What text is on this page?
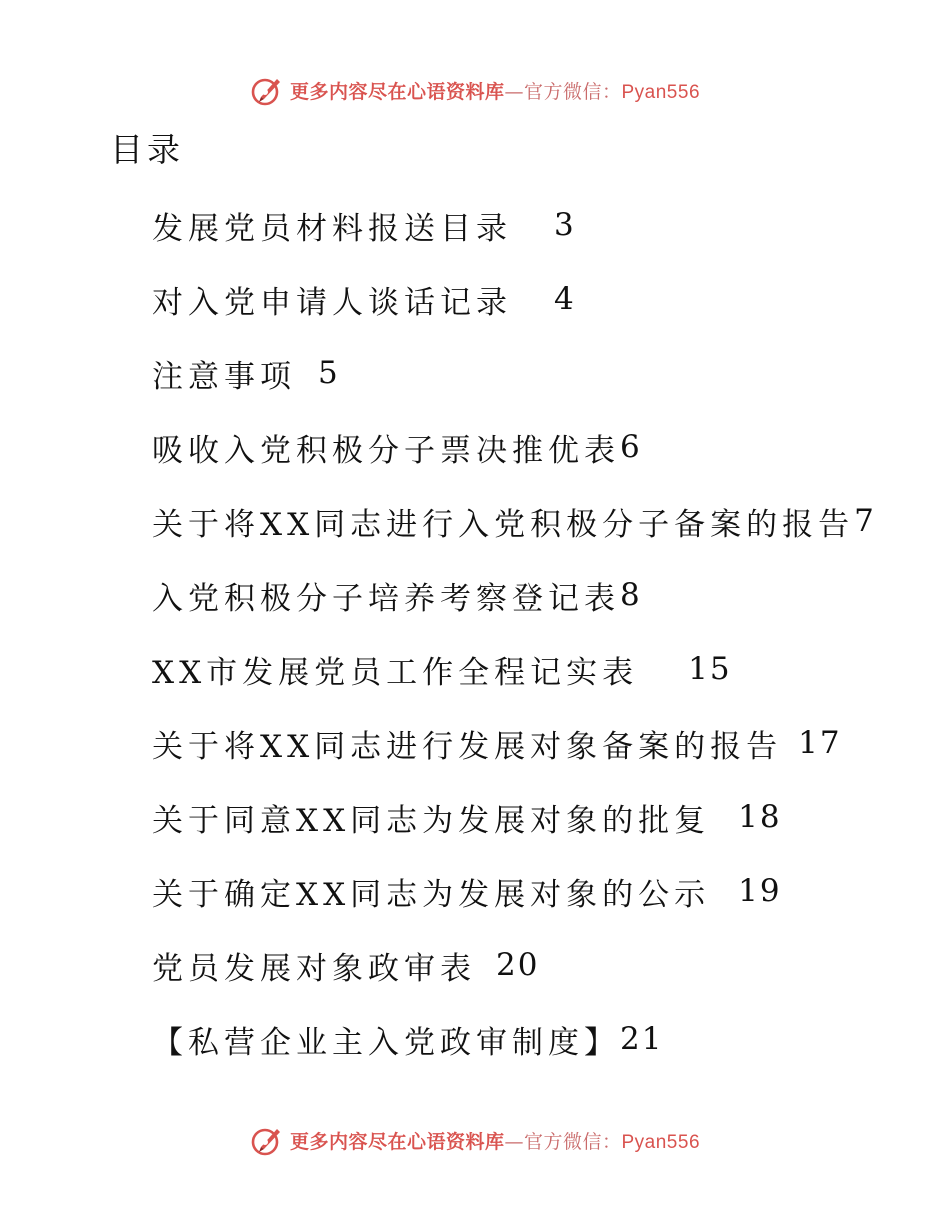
更多内容尽在心语资料库—官方微信：Pyan556
目录
发展党员材料报送目录 3
对入党申请人谈话记录 4
注意事项 5
吸收入党积极分子票决推优表 6
关于将XX同志进行入党积极分子备案的报告 7
入党积极分子培养考察登记表 8
XX市发展党员工作全程记实表 15
关于将XX同志进行发展对象备案的报告 17
关于同意XX同志为发展对象的批复 18
关于确定XX同志为发展对象的公示 19
党员发展对象政审表 20
【私营企业主入党政审制度】 21
更多内容尽在心语资料库—官方微信：Pyan556
